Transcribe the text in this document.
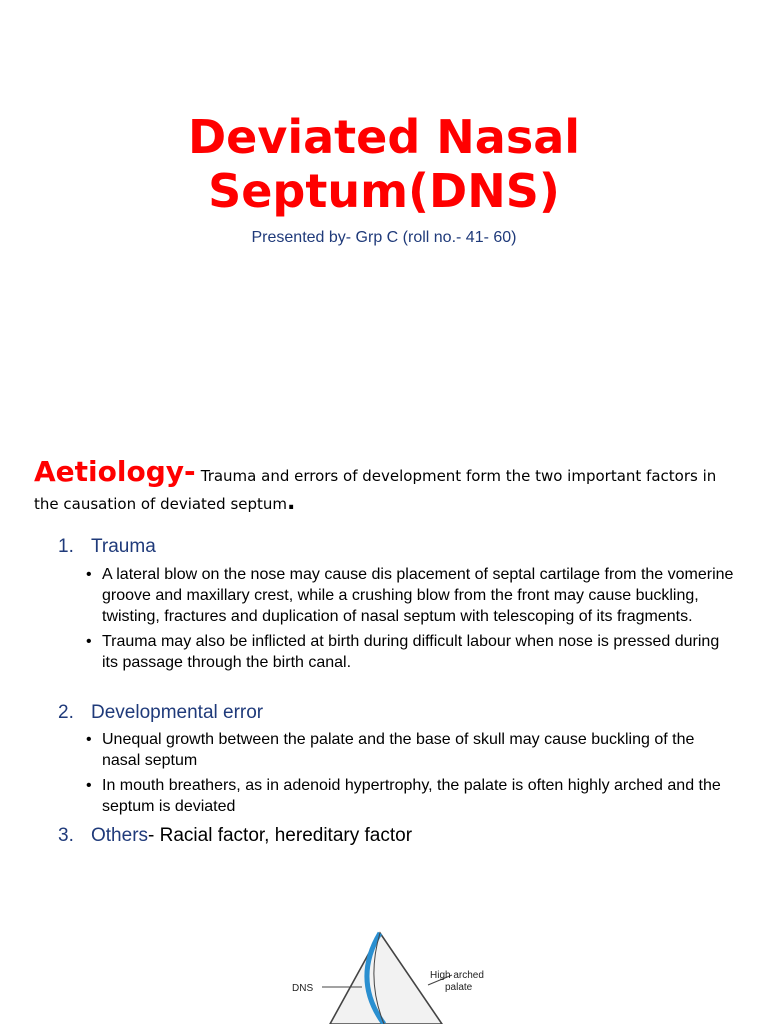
Deviated Nasal
Septum(DNS)
Presented by- Grp C (roll no.- 41- 60)
Aetiology- Trauma and errors of development form the two important factors in the causation of deviated septum.
1. Trauma
• A lateral blow on the nose may cause dis placement of septal cartilage from the vomerine groove and maxillary crest, while a crushing blow from the front may cause buckling, twisting, fractures and duplication of nasal septum with telescoping of its fragments.
• Trauma may also be inflicted at birth during difficult labour when nose is pressed during its passage through the birth canal.
2. Developmental error
• Unequal growth between the palate and the base of skull may cause buckling of the nasal septum
• In mouth breathers, as in adenoid hypertrophy, the palate is often highly arched and the septum is deviated
3. Others- Racial factor, hereditary factor
DNS
High arched
palate
